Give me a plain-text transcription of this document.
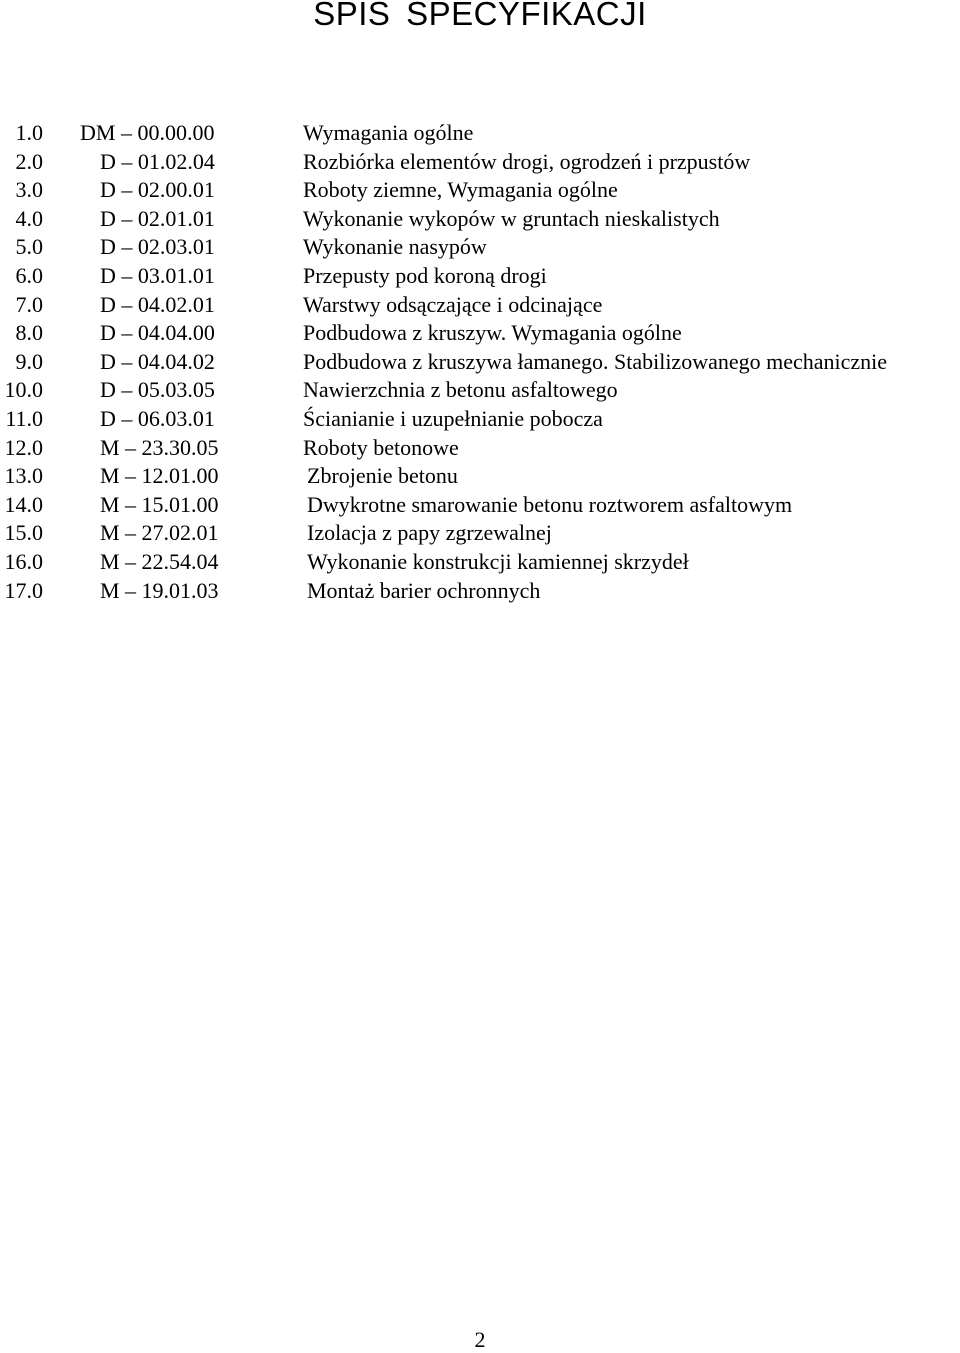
SPIS SPECYFIKACJI
1.0 DM – 00.00.00	Wymagania ogólne
2.0	D – 01.02.04	Rozbiórka elementów drogi, ogrodzeń i przpustów
3.0	D – 02.00.01	Roboty ziemne, Wymagania ogólne
4.0	D – 02.01.01	Wykonanie wykopów w gruntach nieskalistych
5.0	D – 02.03.01	Wykonanie nasypów
6.0	D – 03.01.01	Przepusty pod koroną drogi
7.0	D – 04.02.01	Warstwy odsączające i odcinające
8.0	D – 04.04.00	Podbudowa z kruszyw. Wymagania ogólne
9.0	D – 04.04.02	Podbudowa z kruszywa łamanego. Stabilizowanego mechanicznie
10.0	D – 05.03.05	Nawierzchnia z betonu asfaltowego
11.0	D – 06.03.01	Ścianianie i uzupełnianie pobocza
12.0	M – 23.30.05	Roboty betonowe
13.0	M – 12.01.00	Zbrojenie betonu
14.0	M – 15.01.00	Dwykrotne smarowanie betonu roztworem asfaltowym
15.0	M – 27.02.01	Izolacja z papy zgrzewalnej
16.0	M – 22.54.04	Wykonanie konstrukcji kamiennej skrzydeł
17.0	M – 19.01.03	Montaż barier ochronnych
2
